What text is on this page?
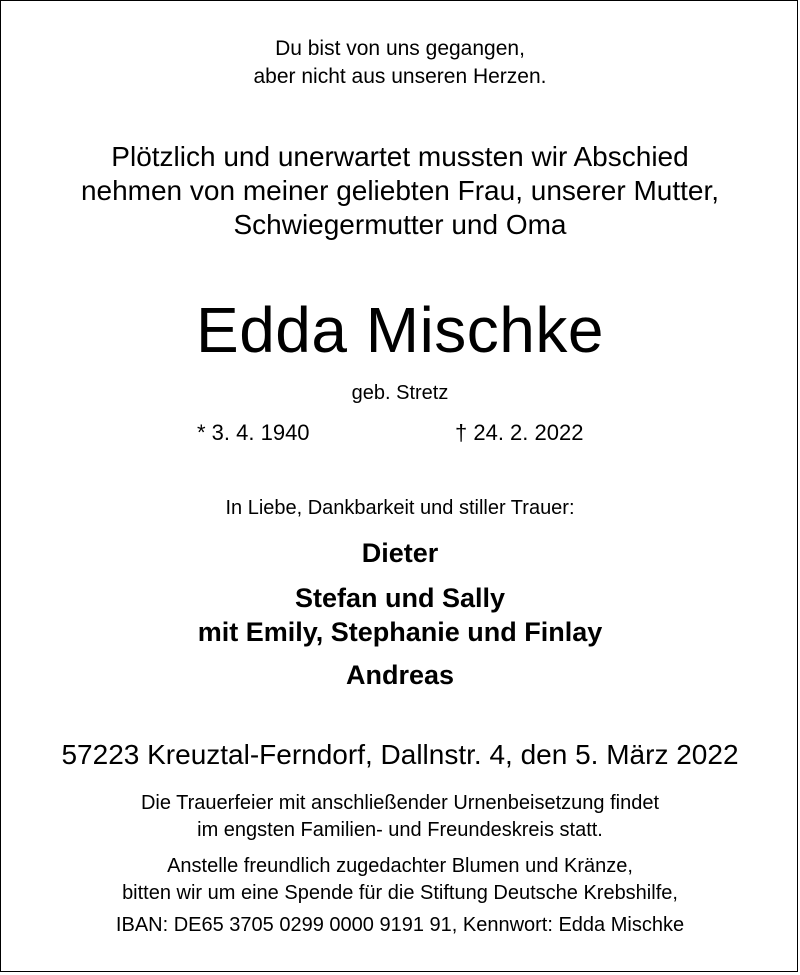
Du bist von uns gegangen,
aber nicht aus unseren Herzen.
Plötzlich und unerwartet mussten wir Abschied
nehmen von meiner geliebten Frau, unserer Mutter,
Schwiegermutter und Oma
Edda Mischke
geb. Stretz
* 3. 4. 1940	† 24. 2. 2022
In Liebe, Dankbarkeit und stiller Trauer:
Dieter
Stefan und Sally
mit Emily, Stephanie und Finlay
Andreas
57223 Kreuztal-Ferndorf, Dallnstr. 4, den 5. März 2022
Die Trauerfeier mit anschließender Urnenbeisetzung findet
im engsten Familien- und Freundeskreis statt.
Anstelle freundlich zugedachter Blumen und Kränze,
bitten wir um eine Spende für die Stiftung Deutsche Krebshilfe,
IBAN: DE65 3705 0299 0000 9191 91, Kennwort: Edda Mischke
